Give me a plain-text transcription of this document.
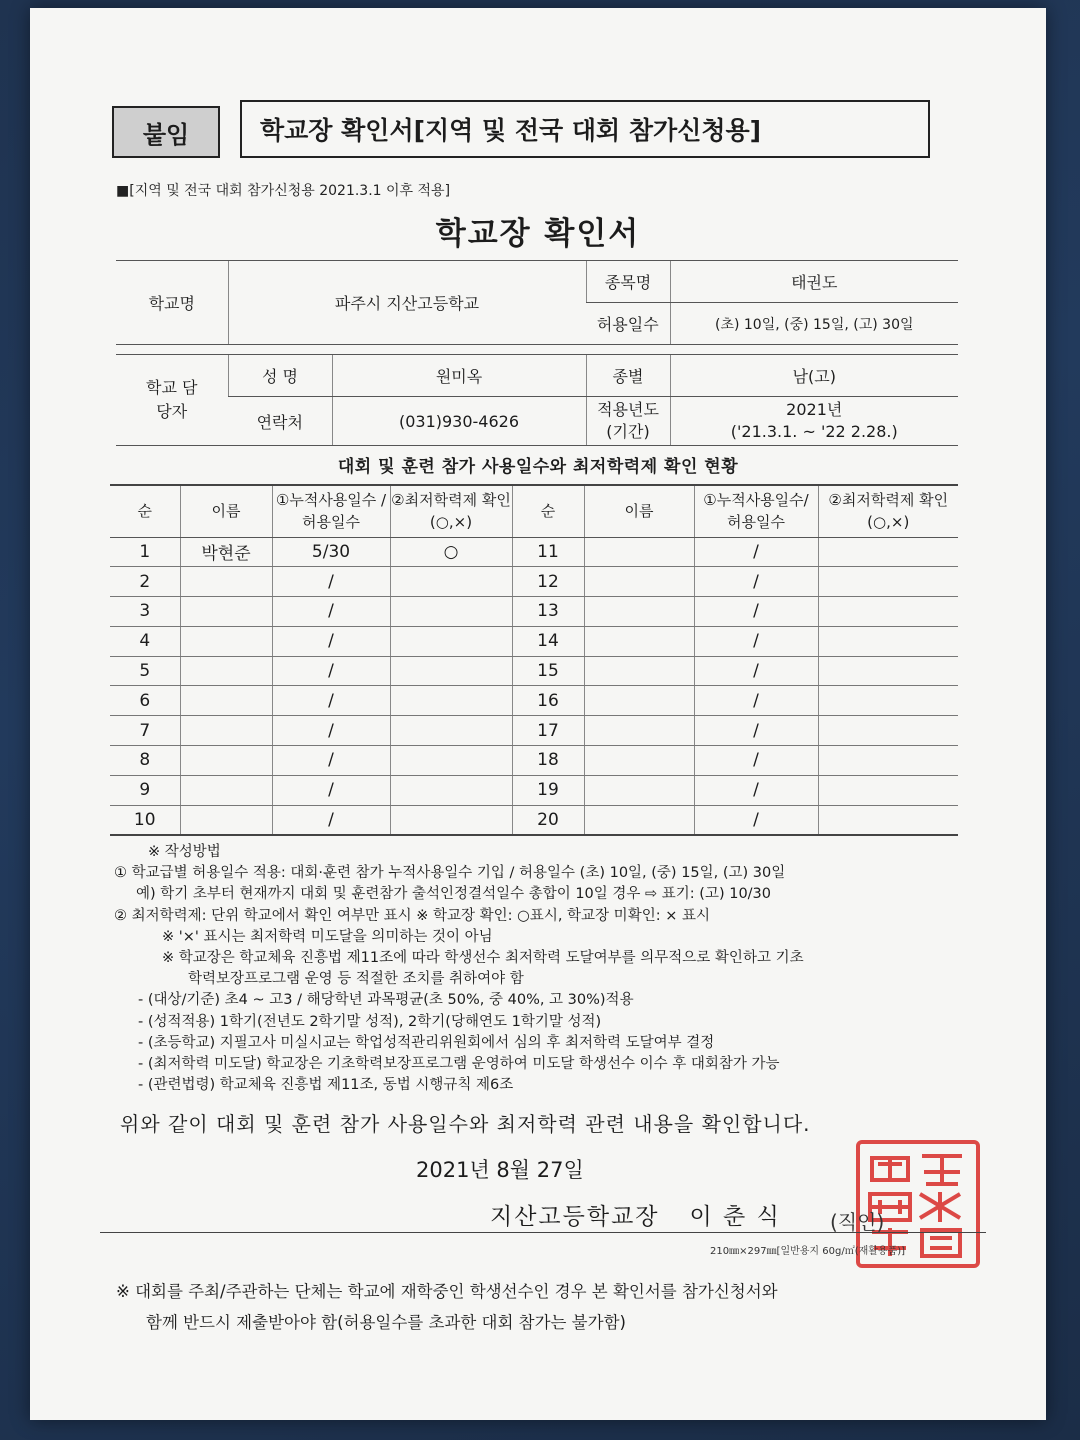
붙임	학교장 확인서[지역 및 전국 대회 참가신청용]
■[지역 및 전국 대회 참가신청용 2021.3.1 이후 적용]
학교장 확인서
학교명	파주시 지산고등학교		종목명	태권도
			허용일수	(초) 10일, (중) 15일, (고) 30일

학교 담당자	성 명	원미옥	종별	남(고)
	연락처	(031)930-4626	적용년도 (기간)	2021년
('21.3.1. ~ '22 2.28.)
대회 및 훈련 참가 사용일수와 최저학력제 확인 현황
순	이름	①누적사용일수 /허용일수	②최저학력제 확인(○,×)	순	이름	①누적사용일수/ 허용일수	②최저학력제 확인(○,×)
1	박현준	5/30	○	11		/	
2		/		12		/	
3		/		13		/	
4		/		14		/	
5		/		15		/	
6		/		16		/	
7		/		17		/	
8		/		18		/	
9		/		19		/	
10		/		20		/	
※ 작성방법
① 학교급별 허용일수 적용: 대회·훈련 참가 누적사용일수 기입 / 허용일수 (초) 10일, (중) 15일, (고) 30일
예) 학기 초부터 현재까지 대회 및 훈련참가 출석인정결석일수 총합이 10일 경우 ⇨ 표기: (고) 10/30
② 최저학력제: 단위 학교에서 확인 여부만 표시 ※ 학교장 확인: ○표시, 학교장 미확인: × 표시
※ '×' 표시는 최저학력 미도달을 의미하는 것이 아님
※ 학교장은 학교체육 진흥법 제11조에 따라 학생선수 최저학력 도달여부를 의무적으로 확인하고 기초
학력보장프로그램 운영 등 적절한 조치를 취하여야 함
- (대상/기준) 초4 ~ 고3 / 해당학년 과목평균(초 50%, 중 40%, 고 30%)적용
- (성적적용) 1학기(전년도 2학기말 성적), 2학기(당해연도 1학기말 성적)
- (초등학교) 지필고사 미실시교는 학업성적관리위원회에서 심의 후 최저학력 도달여부 결정
- (최저학력 미도달) 학교장은 기초학력보장프로그램 운영하여 미도달 학생선수 이수 후 대회참가 가능
- (관련법령) 학교체육 진흥법 제11조, 동법 시행규칙 제6조
위와 같이 대회 및 훈련 참가 사용일수와 최저학력 관련 내용을 확인합니다.
2021년 8월 27일
지산고등학교장 이 춘 식 (직인)
210㎜×297㎜[일반용지 60g/㎡(재활용품)]
※ 대회를 주최/주관하는 단체는 학교에 재학중인 학생선수인 경우 본 확인서를 참가신청서와
함께 반드시 제출받아야 함(허용일수를 초과한 대회 참가는 불가함)
